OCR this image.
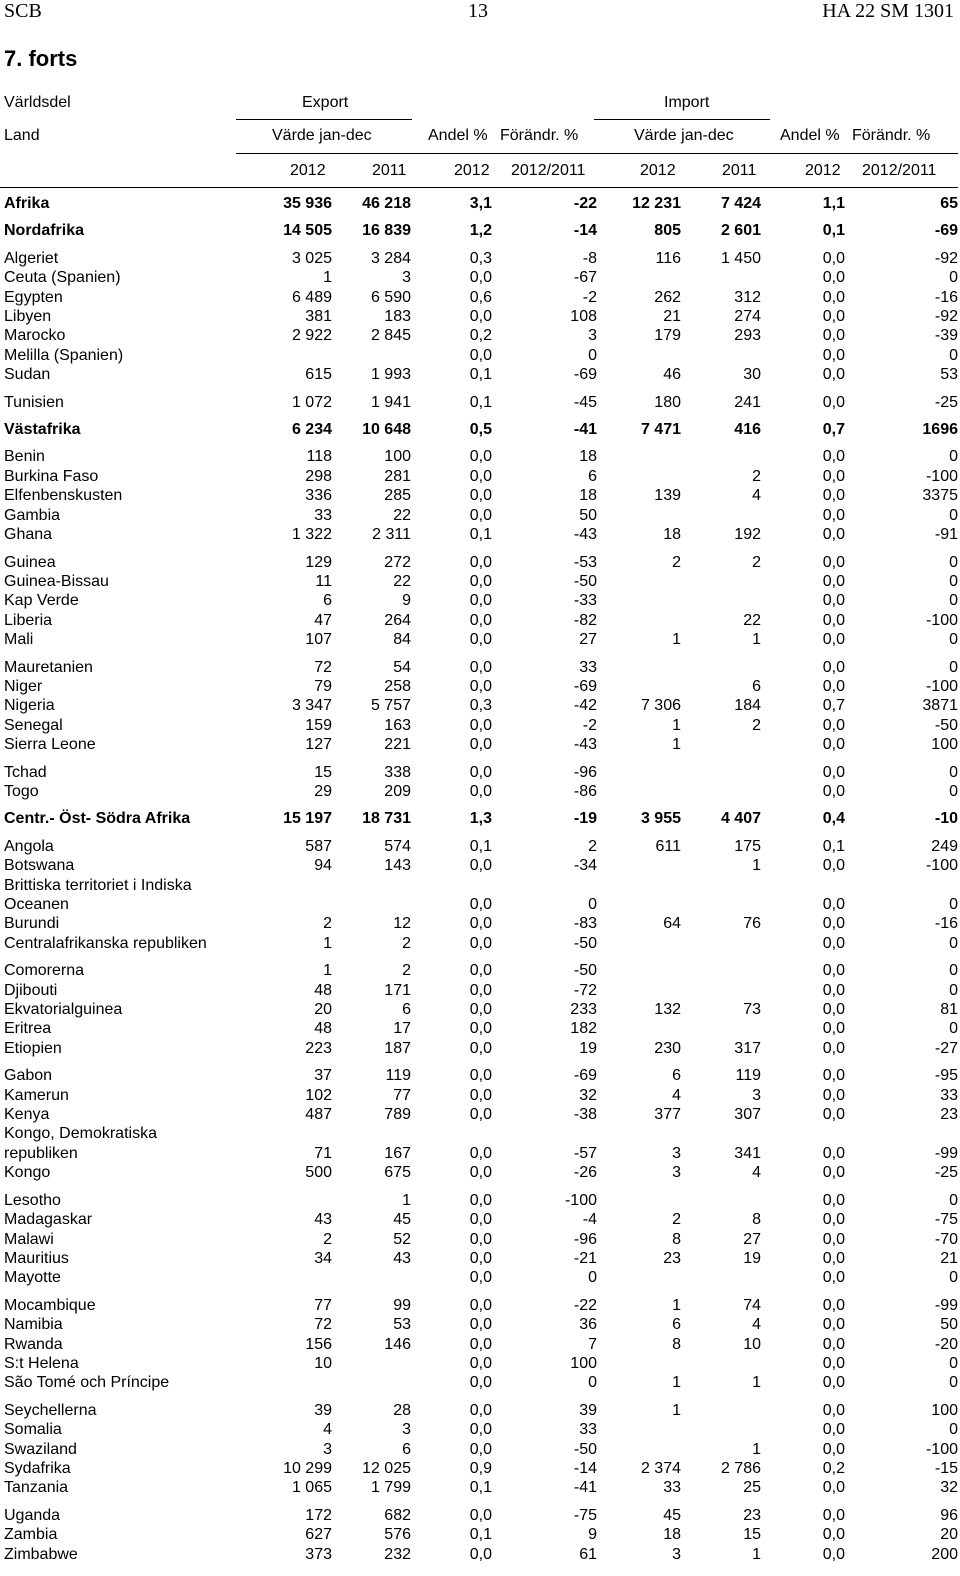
SCB	13	HA 22 SM 1301
7. forts
Världsdel	Export	Import
Land	Värde jan-dec	Andel % Förändr. %	Värde jan-dec	Andel % Förändr. %
2012	2011	2012 2012/2011	2012	2011	2012 2012/2011
Afrika	35 936	46 218	3,1	-22	12 231	7 424	1,1	65
Nordafrika	14 505	16 839	1,2	-14	805	2 601	0,1	-69
Algeriet	3 025	3 284	0,3	-8	116	1 450	0,0	-92
Ceuta (Spanien)	1	3	0,0	-67			0,0	0
Egypten	6 489	6 590	0,6	-2	262	312	0,0	-16
Libyen	381	183	0,0	108	21	274	0,0	-92
Marocko	2 922	2 845	0,2	3	179	293	0,0	-39
Melilla (Spanien)			0,0	0			0,0	0
Sudan	615	1 993	0,1	-69	46	30	0,0	53
Tunisien	1 072	1 941	0,1	-45	180	241	0,0	-25
Västafrika	6 234	10 648	0,5	-41	7 471	416	0,7	1696
Benin	118	100	0,0	18			0,0	0
Burkina Faso	298	281	0,0	6		2	0,0	-100
Elfenbenskusten	336	285	0,0	18	139	4	0,0	3375
Gambia	33	22	0,0	50			0,0	0
Ghana	1 322	2 311	0,1	-43	18	192	0,0	-91
Guinea	129	272	0,0	-53	2	2	0,0	0
Guinea-Bissau	11	22	0,0	-50			0,0	0
Kap Verde	6	9	0,0	-33			0,0	0
Liberia	47	264	0,0	-82		22	0,0	-100
Mali	107	84	0,0	27	1	1	0,0	0
Mauretanien	72	54	0,0	33			0,0	0
Niger	79	258	0,0	-69		6	0,0	-100
Nigeria	3 347	5 757	0,3	-42	7 306	184	0,7	3871
Senegal	159	163	0,0	-2	1	2	0,0	-50
Sierra Leone	127	221	0,0	-43	1		0,0	100
Tchad	15	338	0,0	-96			0,0	0
Togo	29	209	0,0	-86			0,0	0
Centr.- Öst- Södra Afrika	15 197	18 731	1,3	-19	3 955	4 407	0,4	-10
Angola	587	574	0,1	2	611	175	0,1	249
Botswana	94	143	0,0	-34		1	0,0	-100
Brittiska territoriet i Indiska								
Oceanen			0,0	0			0,0	0
Burundi	2	12	0,0	-83	64	76	0,0	-16
Centralafrikanska republiken	1	2	0,0	-50			0,0	0
Comorerna	1	2	0,0	-50			0,0	0
Djibouti	48	171	0,0	-72			0,0	0
Ekvatorialguinea	20	6	0,0	233	132	73	0,0	81
Eritrea	48	17	0,0	182			0,0	0
Etiopien	223	187	0,0	19	230	317	0,0	-27
Gabon	37	119	0,0	-69	6	119	0,0	-95
Kamerun	102	77	0,0	32	4	3	0,0	33
Kenya	487	789	0,0	-38	377	307	0,0	23
Kongo, Demokratiska								
republiken	71	167	0,0	-57	3	341	0,0	-99
Kongo	500	675	0,0	-26	3	4	0,0	-25
Lesotho		1	0,0	-100			0,0	0
Madagaskar	43	45	0,0	-4	2	8	0,0	-75
Malawi	2	52	0,0	-96	8	27	0,0	-70
Mauritius	34	43	0,0	-21	23	19	0,0	21
Mayotte			0,0	0			0,0	0
Mocambique	77	99	0,0	-22	1	74	0,0	-99
Namibia	72	53	0,0	36	6	4	0,0	50
Rwanda	156	146	0,0	7	8	10	0,0	-20
S:t Helena	10		0,0	100			0,0	0
São Tomé och Príncipe			0,0	0	1	1	0,0	0
Seychellerna	39	28	0,0	39	1		0,0	100
Somalia	4	3	0,0	33			0,0	0
Swaziland	3	6	0,0	-50		1	0,0	-100
Sydafrika	10 299	12 025	0,9	-14	2 374	2 786	0,2	-15
Tanzania	1 065	1 799	0,1	-41	33	25	0,0	32
Uganda	172	682	0,0	-75	45	23	0,0	96
Zambia	627	576	0,1	9	18	15	0,0	20
Zimbabwe	373	232	0,0	61	3	1	0,0	200
